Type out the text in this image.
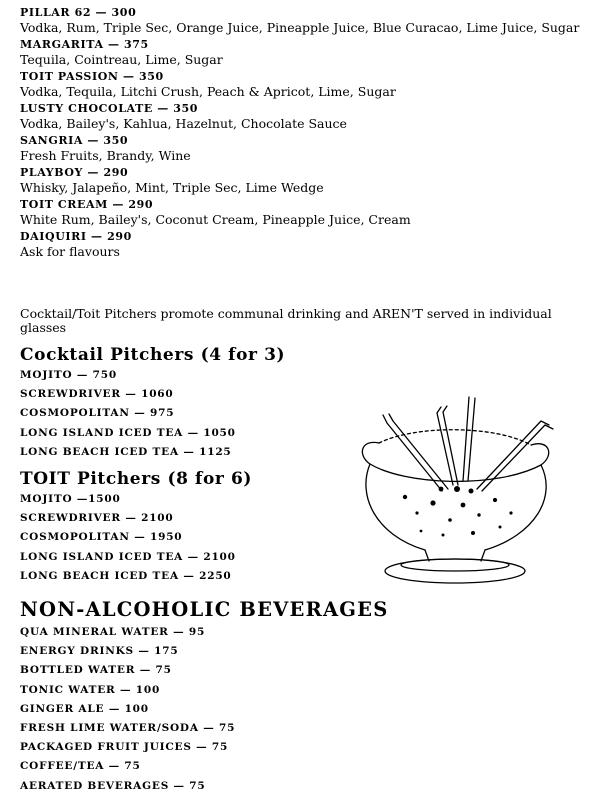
PILLAR 62 — 300

Vodka, Rum, Triple Sec, Orange Juice, Pineapple Juice, Blue Curacao, Lime Juice, Sugar

MARGARITA — 375

Tequila, Cointreau, Lime, Sugar

TOIT PASSION — 350

Vodka, Tequila, Litchi Crush, Peach & Apricot, Lime, Sugar

LUSTY CHOCOLATE — 350

Vodka, Bailey's, Kahlua, Hazelnut, Chocolate Sauce

SANGRIA — 350

Fresh Fruits, Brandy, Wine

PLAYBOY — 290

Whisky, Jalapeño, Mint, Triple Sec, Lime Wedge

TOIT CREAM — 290

White Rum, Bailey's, Coconut Cream, Pineapple Juice, Cream

DAIQUIRI — 290

Ask for flavours

Cocktail/Toit Pitchers promote communal drinking and AREN'T served in individual glasses
Cocktail Pitchers (4 for 3)
MOJITO — 750
SCREWDRIVER — 1060
COSMOPOLITAN — 975
LONG ISLAND ICED TEA — 1050
LONG BEACH ICED TEA — 1125
TOIT Pitchers (8 for 6)
MOJITO —1500
SCREWDRIVER — 2100
COSMOPOLITAN — 1950
LONG ISLAND ICED TEA — 2100
LONG BEACH ICED TEA — 2250
NON-ALCOHOLIC BEVERAGES
QUA MINERAL WATER — 95
ENERGY DRINKS — 175
BOTTLED WATER — 75
TONIC WATER — 100
GINGER ALE — 100
FRESH LIME WATER/SODA — 75
PACKAGED FRUIT JUICES — 75
COFFEE/TEA — 75
AERATED BEVERAGES — 75
